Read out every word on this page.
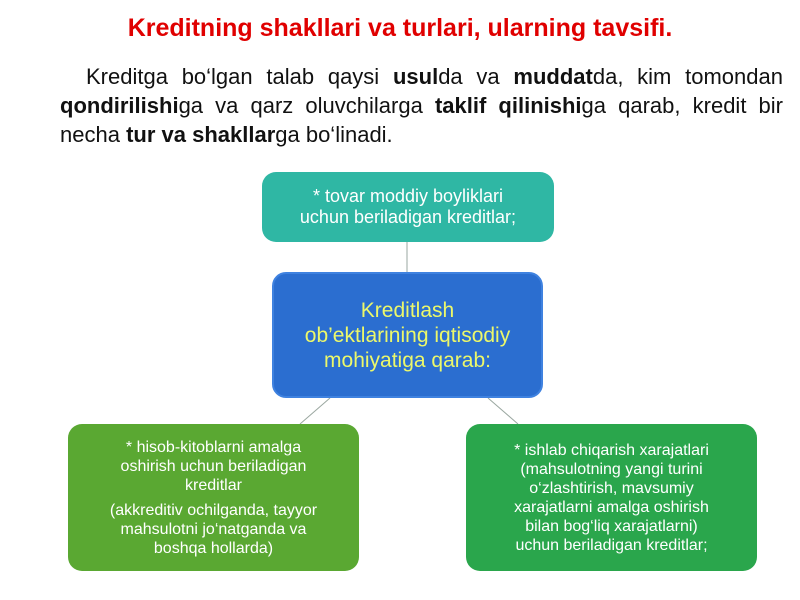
Kreditning shakllari va turlari, ularning tavsifi.
Kreditga bo‘lgan talab qaysi usulda va muddatda, kim tomondan qondirilishiga va qarz oluvchilarga taklif qilinishiga qarab, kredit bir necha tur va shakllarga bo‘linadi.
* tovar moddiy boyliklari
uchun beriladigan kreditlar;
Kreditlash
ob’ektlarining iqtisodiy
mohiyatiga qarab:
* hisob-kitoblarni amalga
oshirish uchun beriladigan
kreditlar
(akkreditiv ochilganda, tayyor
mahsulotni jo‘natganda va
boshqa hollarda)
* ishlab chiqarish xarajatlari
(mahsulotning yangi turini
o‘zlashtirish, mavsumiy
xarajatlarni amalga oshirish
bilan bog‘liq xarajatlarni)
uchun beriladigan kreditlar;
